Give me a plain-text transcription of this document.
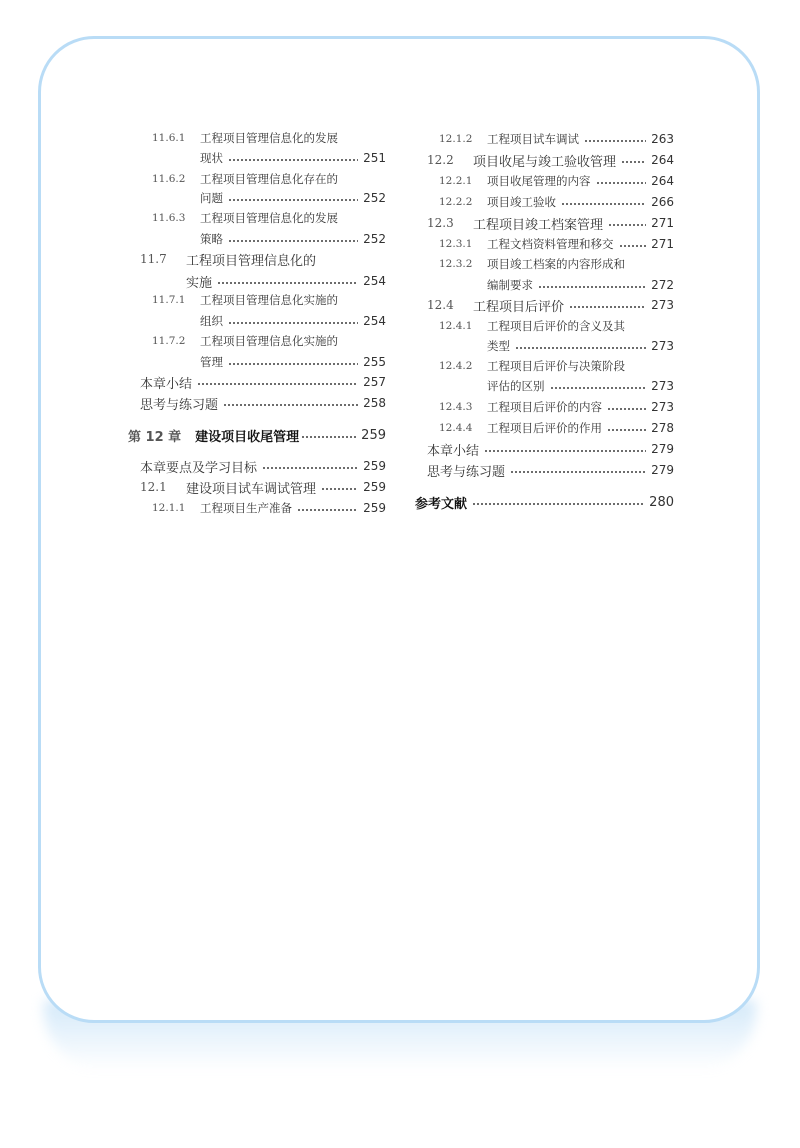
11.6.1	工程项目管理信息化的发展
现状	251
11.6.2	工程项目管理信息化存在的
问题	252
11.6.3	工程项目管理信息化的发展
策略	252
11.7	工程项目管理信息化的
实施	254
11.7.1	工程项目管理信息化实施的
组织	254
11.7.2	工程项目管理信息化实施的
管理	255
本章小结	257
思考与练习题	258
第 12 章 建设项目收尾管理	259
本章要点及学习目标	259
12.1	建设项目试车调试管理	259
12.1.1	工程项目生产准备	259
12.1.2	工程项目试车调试	263
12.2	项目收尾与竣工验收管理	264
12.2.1	项目收尾管理的内容	264
12.2.2	项目竣工验收	266
12.3	工程项目竣工档案管理	271
12.3.1	工程文档资料管理和移交	271
12.3.2	项目竣工档案的内容形成和
编制要求	272
12.4	工程项目后评价	273
12.4.1	工程项目后评价的含义及其
类型	273
12.4.2	工程项目后评价与决策阶段
评估的区别	273
12.4.3	工程项目后评价的内容	273
12.4.4	工程项目后评价的作用	278
本章小结	279
思考与练习题	279
参考文献	280
